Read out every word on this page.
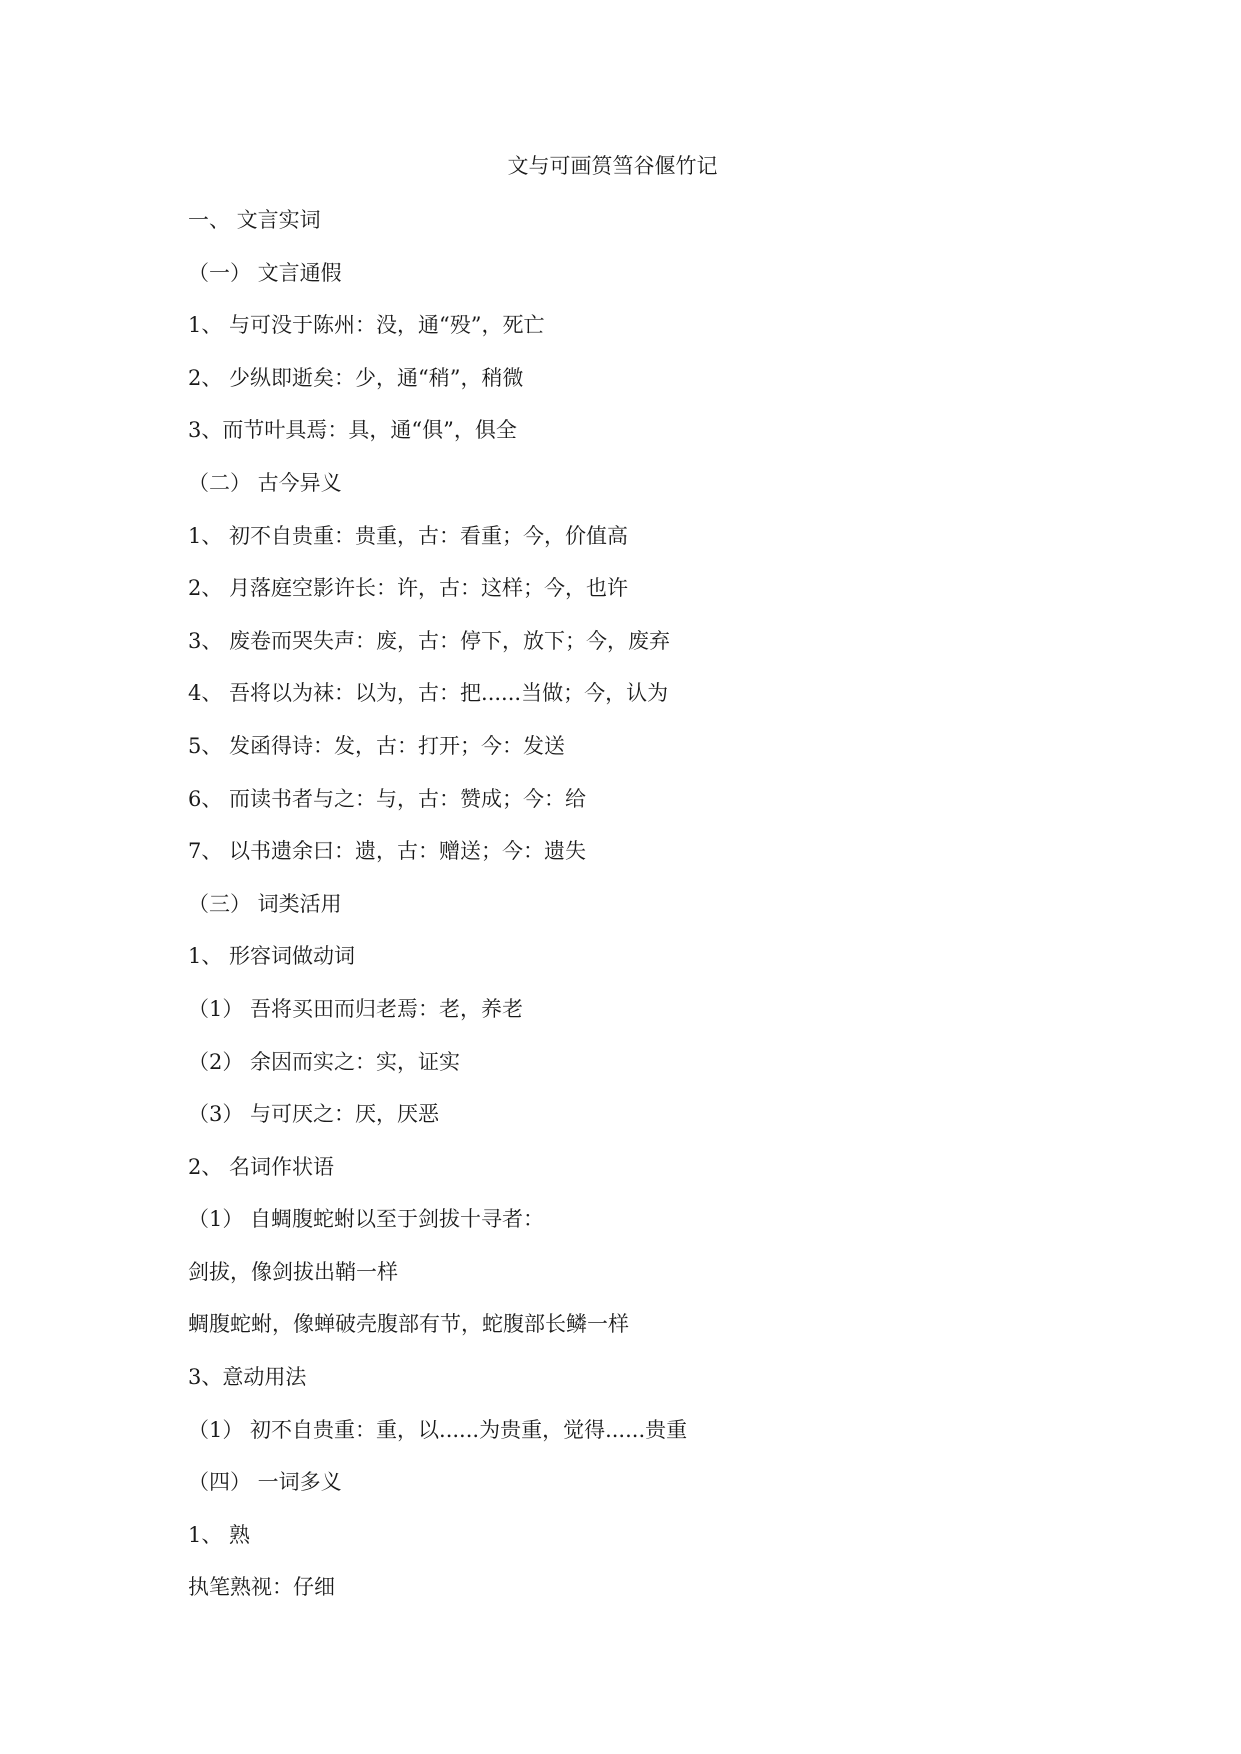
文与可画筼筜谷偃竹记

一、 文言实词

（一） 文言通假

1、 与可没于陈州：没，通“殁”，死亡

2、 少纵即逝矣：少，通“稍”，稍微

3、而节叶具焉：具，通“俱”，俱全

（二） 古今异义

1、 初不自贵重：贵重，古：看重；今，价值高

2、 月落庭空影许长：许，古：这样；今，也许

3、 废卷而哭失声：废，古：停下，放下；今，废弃

4、 吾将以为袜：以为，古：把......当做；今，认为

5、 发函得诗：发，古：打开；今：发送

6、 而读书者与之：与，古：赞成；今：给

7、 以书遗余曰：遗，古：赠送；今：遗失

（三） 词类活用

1、 形容词做动词

（1） 吾将买田而归老焉：老，养老

（2） 余因而实之：实，证实

（3） 与可厌之：厌，厌恶

2、 名词作状语

（1） 自蜩腹蛇蚹以至于剑拔十寻者：

剑拔，像剑拔出鞘一样

蜩腹蛇蚹，像蝉破壳腹部有节，蛇腹部长鳞一样

3、意动用法

（1） 初不自贵重：重，以......为贵重，觉得......贵重

（四） 一词多义

1、 熟

执笔熟视：仔细
